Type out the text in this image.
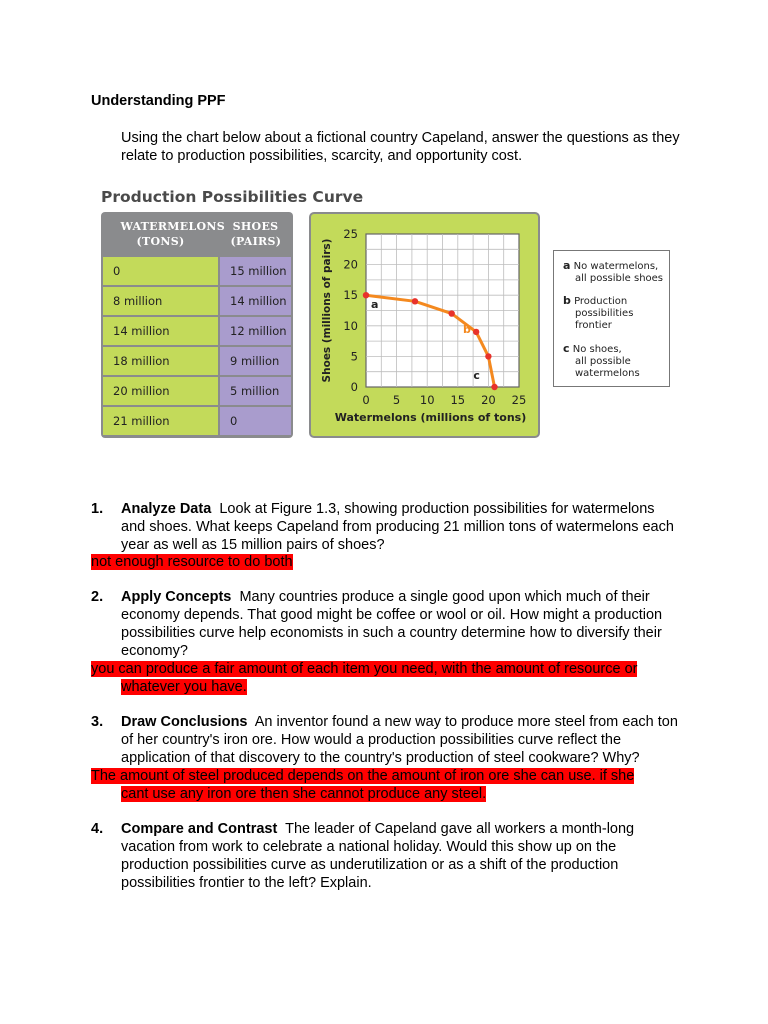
Understanding PPF
Using the chart below about a fictional country Capeland, answer the questions as they relate to production possibilities, scarcity, and opportunity cost.
Production Possibilities Curve
WATERMELONS (TONS)
SHOES (PAIRS)
0	15 million
8 million	14 million
14 million	12 million
18 million	9 million
20 million	5 million
21 million	0
0 5 10 15 20 25
0
5
10
15
20
25
Watermelons (millions of tons)
Shoes (millions of pairs)	a
b
c
a No watermelons,
all possible shoes
b Production
possibilities
frontier
c No shoes,
all possible
watermelons
1. Analyze Data Look at Figure 1.3, showing production possibilities for watermelons and shoes. What keeps Capeland from producing 21 million tons of watermelons each year as well as 15 million pairs of shoes?
not enough resource to do both
2. Apply Concepts Many countries produce a single good upon which much of their economy depends. That good might be coffee or wool or oil. How might a production possibilities curve help economists in such a country determine how to diversify their economy?
you can produce a fair amount of each item you need, with the amount of resource or
whatever you have.
3. Draw Conclusions An inventor found a new way to produce more steel from each ton of her country's iron ore. How would a production possibilities curve reflect the application of that discovery to the country's production of steel cookware? Why?
The amount of steel produced depends on the amount of iron ore she can use. if she
cant use any iron ore then she cannot produce any steel.
4. Compare and Contrast The leader of Capeland gave all workers a month-long vacation from work to celebrate a national holiday. Would this show up on the production possibilities curve as underutilization or as a shift of the production possibilities frontier to the left? Explain.
